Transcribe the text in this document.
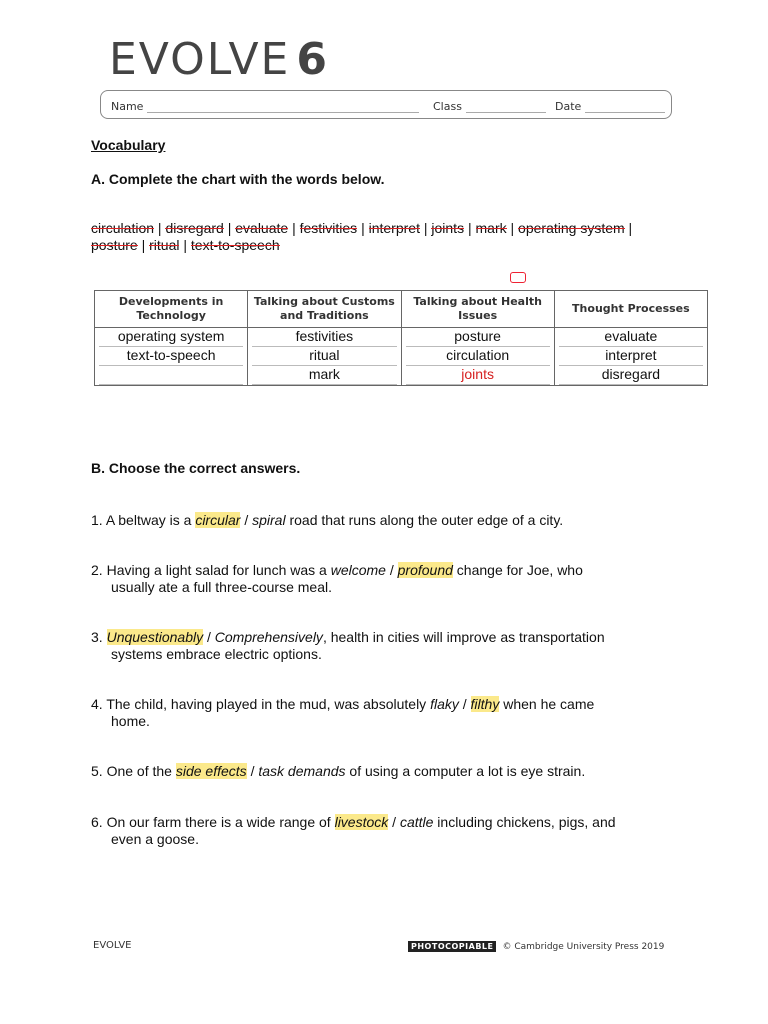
EVOLVE 6
Name	Class	Date
Vocabulary
A. Complete the chart with the words below.
circulation | disregard | evaluate | festivities | interpret | joints | mark | operating system | posture | ritual | text-to-speech
Developments in Technology	Talking about Customs and Traditions	Talking about Health Issues	Thought Processes

operating system	festivities	posture	evaluate

text-to-speech	ritual	circulation	interpret

	mark	joints	disregard
B. Choose the correct answers.
1. A beltway is a circular / spiral road that runs along the outer edge of a city.
2. Having a light salad for lunch was a welcome / profound change for Joe, who
usually ate a full three-course meal.
3. Unquestionably / Comprehensively, health in cities will improve as transportation
systems embrace electric options.
4. The child, having played in the mud, was absolutely flaky / filthy when he came
home.
5. One of the side effects / task demands of using a computer a lot is eye strain.
6. On our farm there is a wide range of livestock / cattle including chickens, pigs, and
even a goose.
EVOLVE	PHOTOCOPIABLE	© Cambridge University Press 2019
